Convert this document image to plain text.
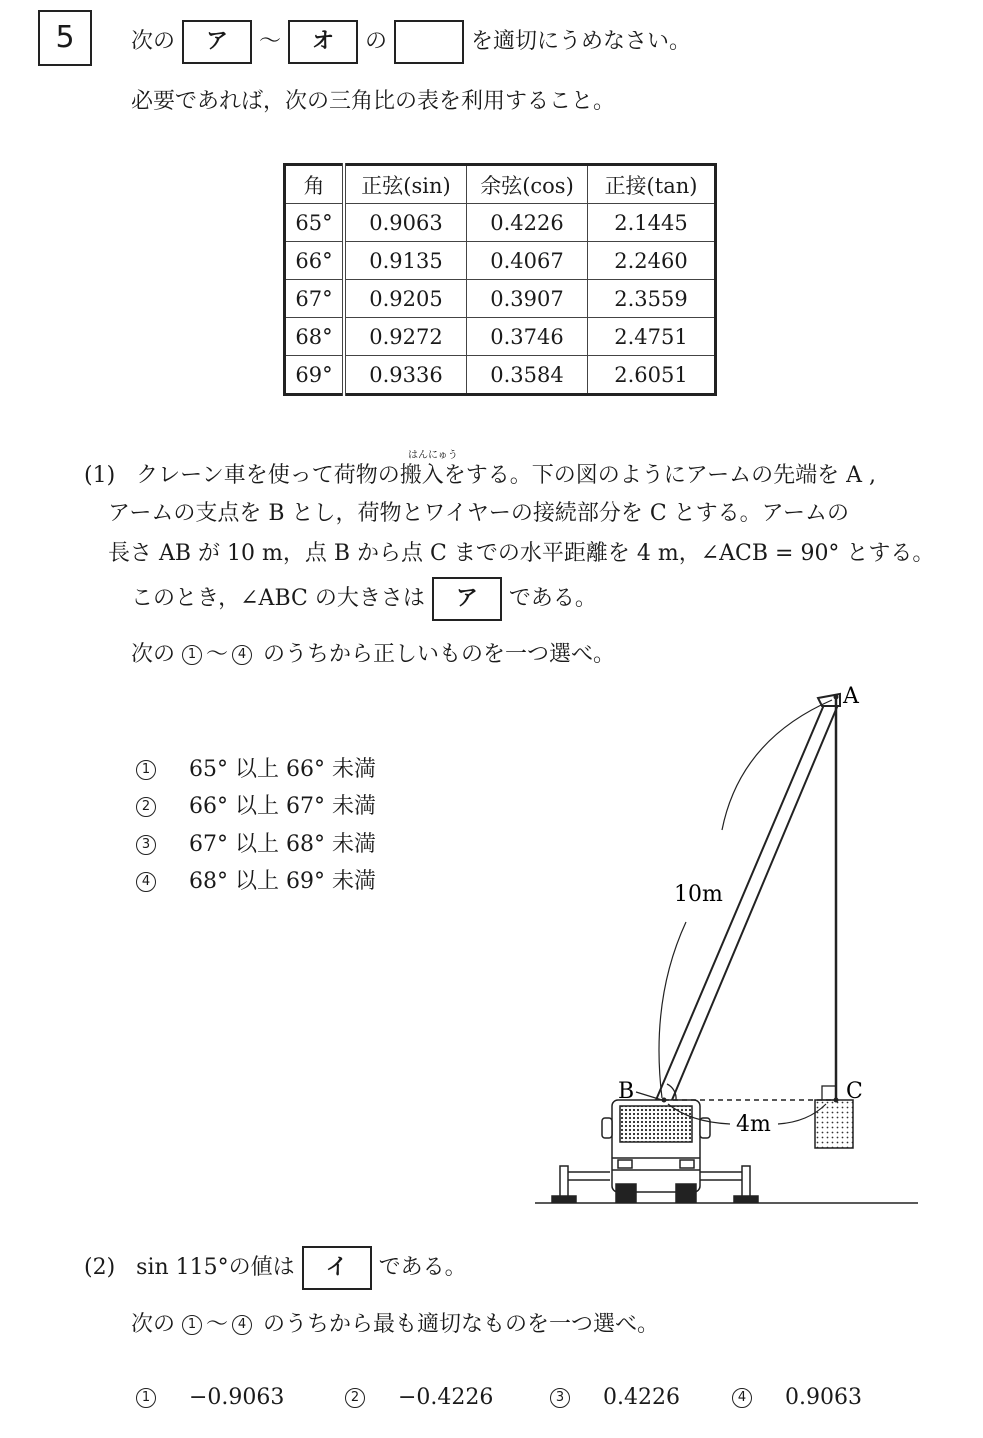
5	次の ア 〜 オ の	を適切にうめなさい。
必要であれば，次の三角比の表を利用すること。
角	正弦(sin)	余弦(cos)	正接(tan)
65°	0.9063	0.4226	2.1445
66°	0.9135	0.4067	2.2460
67°	0.9205	0.3907	2.3559
68°	0.9272	0.3746	2.4751
69°	0.9336	0.3584	2.6051
はんにゅう
(1) クレーン車を使って荷物の搬入をする。下の図のようにアームの先端を A ,
アームの支点を B とし，荷物とワイヤーの接続部分を C とする。アームの
長さ AB が 10 m，点 B から点 C までの水平距離を 4 m，∠ACB = 90° とする。
このとき，∠ABC の大きさは ア である。
次の 1 〜 4 のうちから正しいものを一つ選べ。
1 65° 以上 66° 未満
2 66° 以上 67° 未満
3 67° 以上 68° 未満
4 68° 以上 69° 未満
A
B	C
10m
4m
(2) sin 115°の値は イ である。
次の 1 〜 4 のうちから最も適切なものを一つ選べ。
1 −0.9063	2 −0.4226	3 0.4226	4 0.9063
